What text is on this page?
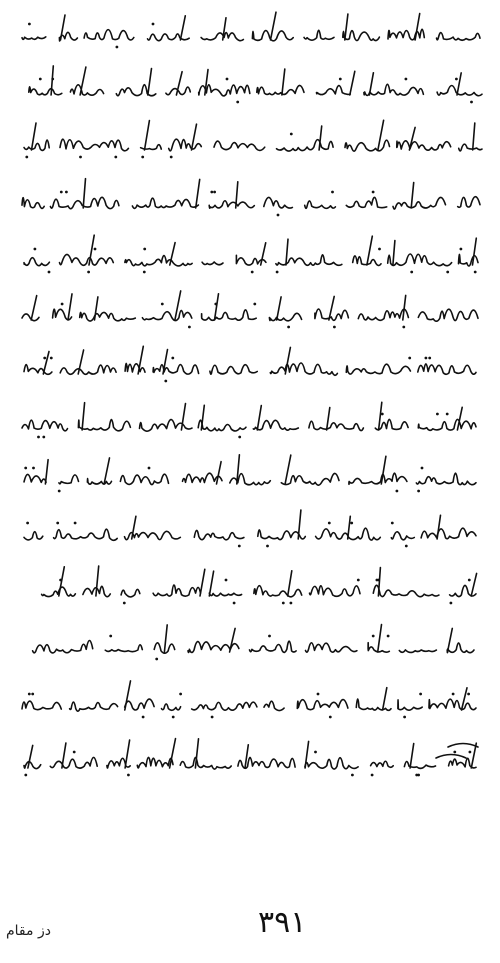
٣٩١
دز مقام
